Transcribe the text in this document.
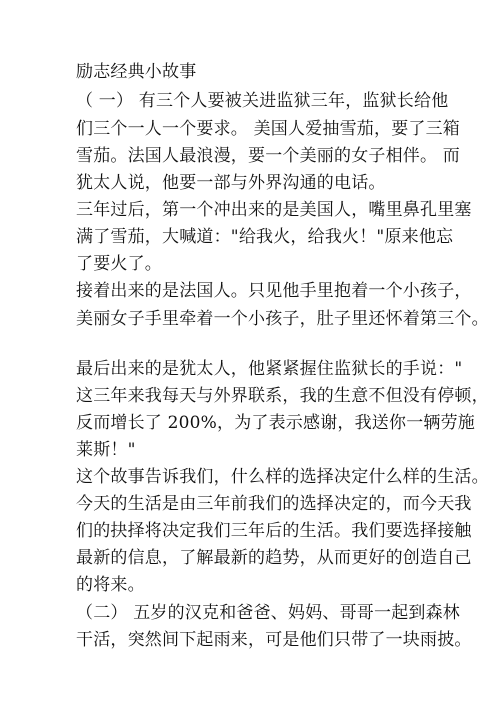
励志经典小故事
（ 一） 有三个人要被关进监狱三年，监狱长给他
们三个一人一个要求。 美国人爱抽雪茄，要了三箱
雪茄。法国人最浪漫，要一个美丽的女子相伴。 而
犹太人说，他要一部与外界沟通的电话。
三年过后，第一个冲出来的是美国人，嘴里鼻孔里塞
满了雪茄，大喊道："给我火，给我火！"原来他忘
了要火了。
接着出来的是法国人。只见他手里抱着一个小孩子，
美丽女子手里牵着一个小孩子，肚子里还怀着第三个。
最后出来的是犹太人，他紧紧握住监狱长的手说："
这三年来我每天与外界联系，我的生意不但没有停顿，
反而增长了 200%，为了表示感谢，我送你一辆劳施
莱斯！"
这个故事告诉我们，什么样的选择决定什么样的生活。
今天的生活是由三年前我们的选择决定的，而今天我
们的抉择将决定我们三年后的生活。我们要选择接触
最新的信息，了解最新的趋势，从而更好的创造自己
的将来。
（二） 五岁的汉克和爸爸、妈妈、哥哥一起到森林
干活，突然间下起雨来，可是他们只带了一块雨披。
